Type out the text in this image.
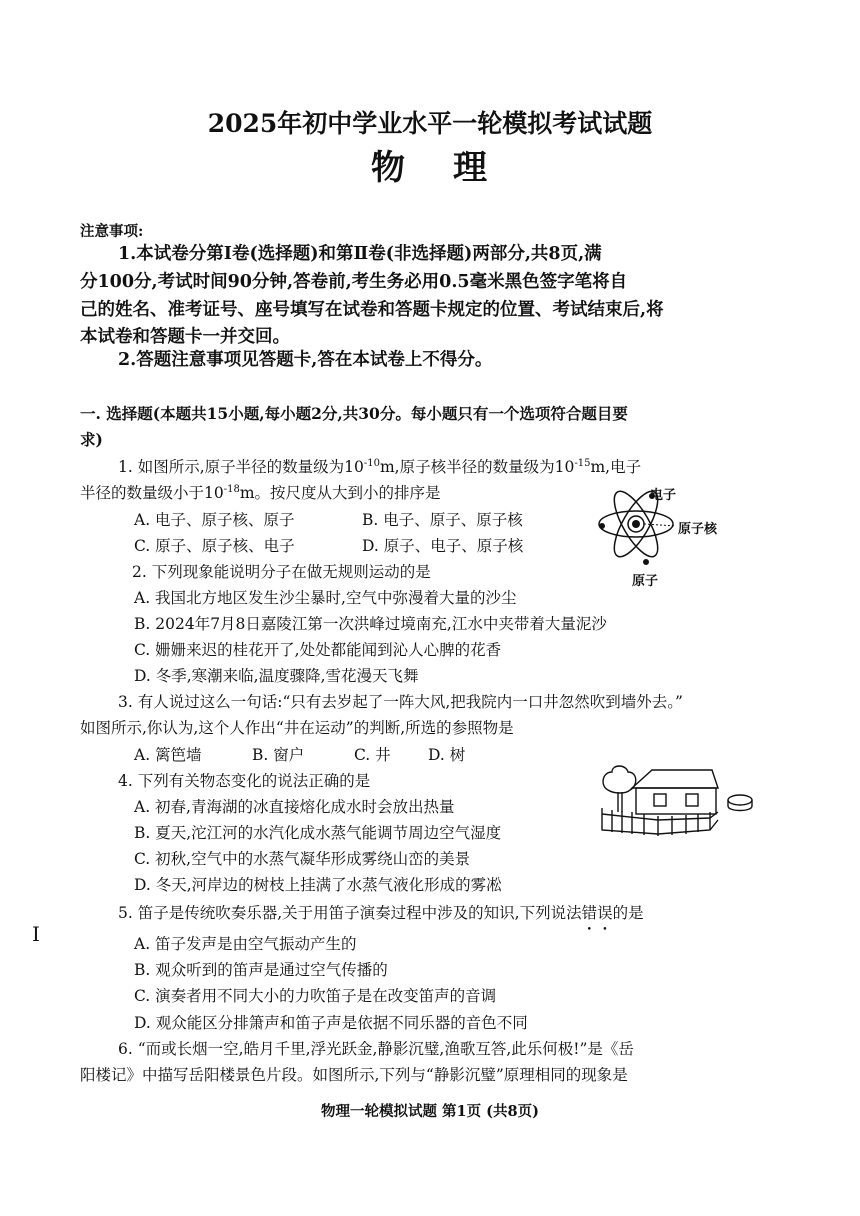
2025年初中学业水平一轮模拟考试试题
物 理
注意事项:
1.本试卷分第Ⅰ卷(选择题)和第Ⅱ卷(非选择题)两部分,共8页,满
分100分,考试时间90分钟,答卷前,考生务必用0.5毫米黑色签字笔将自
己的姓名、准考证号、座号填写在试卷和答题卡规定的位置、考试结束后,将
本试卷和答题卡一并交回。
2.答题注意事项见答题卡,答在本试卷上不得分。
一. 选择题(本题共15小题,每小题2分,共30分。每小题只有一个选项符合题目要
求)
1. 如图所示,原子半径的数量级为$10^{-10}m$,原子核半径的数量级为$10^{-15}m$,电子
半径的数量级小于$10^{-18}m$。按尺度从大到小的排序是
A. 电子、原子核、原子	B. 电子、原子、原子核
C. 原子、原子核、电子	D. 原子、电子、原子核
电子
原子核
原子
2. 下列现象能说明分子在做无规则运动的是
A. 我国北方地区发生沙尘暴时,空气中弥漫着大量的沙尘
B. 2024年7月8日嘉陵江第一次洪峰过境南充,江水中夹带着大量泥沙
C. 姗姗来迟的桂花开了,处处都能闻到沁人心脾的花香
D. 冬季,寒潮来临,温度骤降,雪花漫天飞舞
3. 有人说过这么一句话:“只有去岁起了一阵大风,把我院内一口井忽然吹到墙外去。”
如图所示,你认为,这个人作出“井在运动”的判断,所选的参照物是
A. 篱笆墙	B. 窗户	C. 井 D. 树
4. 下列有关物态变化的说法正确的是
A. 初春,青海湖的冰直接熔化成水时会放出热量
B. 夏天,沱江河的水汽化成水蒸气能调节周边空气湿度
C. 初秋,空气中的水蒸气凝华形成雾绕山峦的美景
D. 冬天,河岸边的树枝上挂满了水蒸气液化形成的雾凇
I
5. 笛子是传统吹奏乐器,关于用笛子演奏过程中涉及的知识,下列说法错误的是
A. 笛子发声是由空气振动产生的
B. 观众听到的笛声是通过空气传播的
C. 演奏者用不同大小的力吹笛子是在改变笛声的音调
D. 观众能区分排箫声和笛子声是依据不同乐器的音色不同
6. “而或长烟一空,皓月千里,浮光跃金,静影沉璧,渔歌互答,此乐何极!”是《岳
阳楼记》中描写岳阳楼景色片段。如图所示,下列与“静影沉璧”原理相同的现象是
物理一轮模拟试题 第1页 (共8页)
